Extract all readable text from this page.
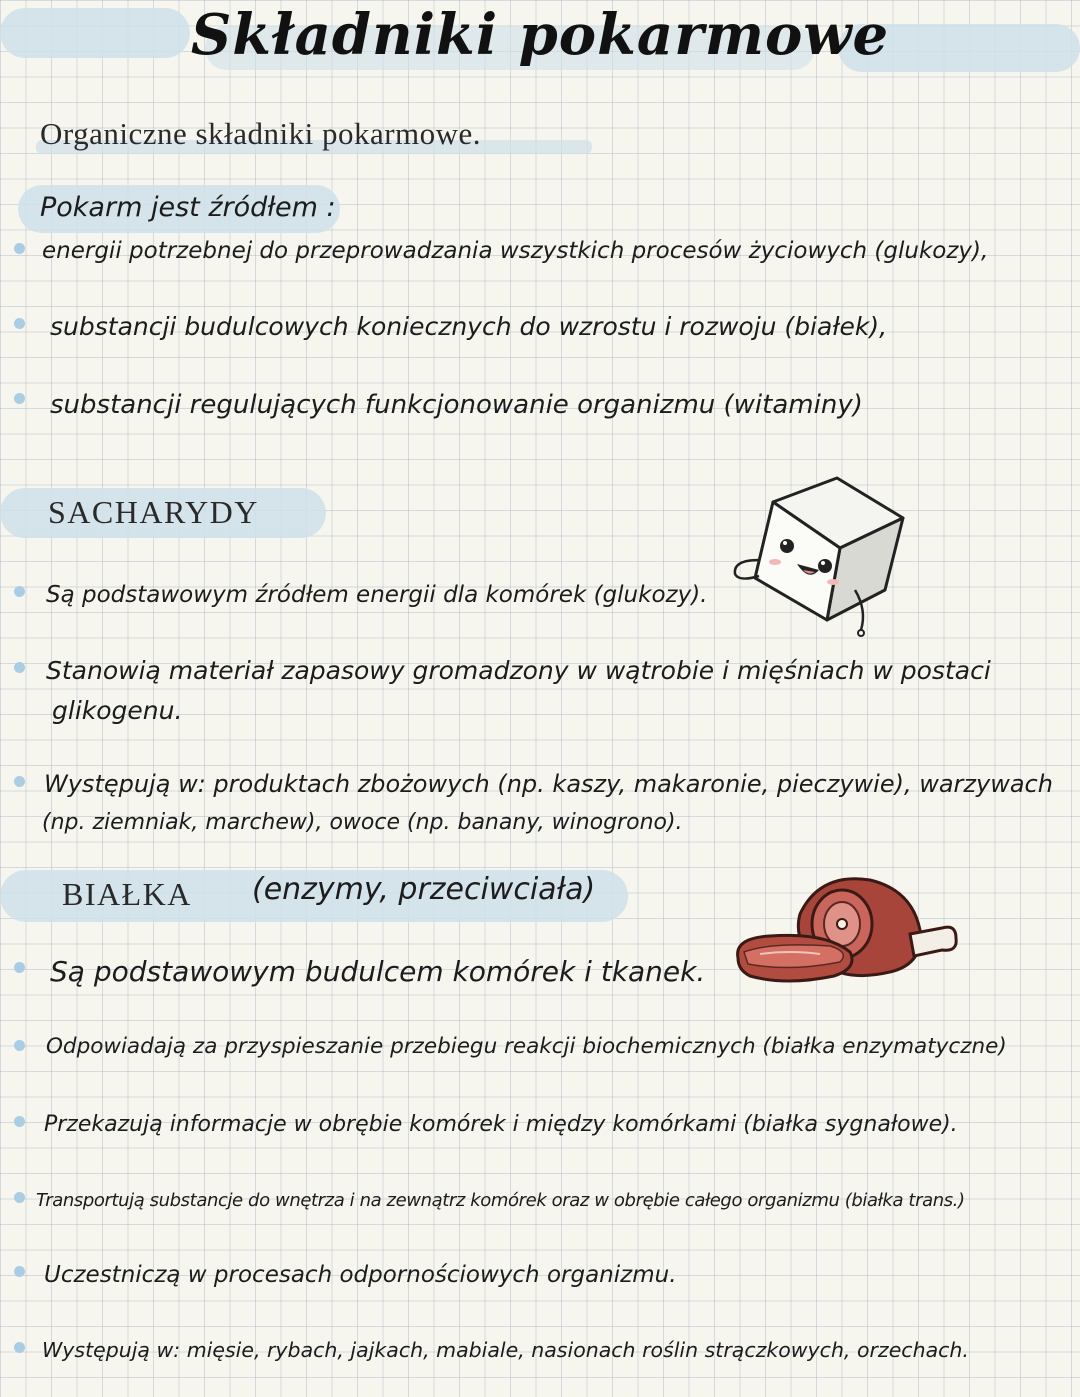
Składniki pokarmowe
Organiczne składniki pokarmowe.
Pokarm jest źródłem :
energii potrzebnej do przeprowadzania wszystkich procesów życiowych (glukozy),
substancji budulcowych koniecznych do wzrostu i rozwoju (białek),
substancji regulujących funkcjonowanie organizmu (witaminy)
SACHARYDY
Są podstawowym źródłem energii dla komórek (glukozy).
Stanowią materiał zapasowy gromadzony w wątrobie i mięśniach w postaci
glikogenu.
Występują w: produktach zbożowych (np. kaszy, makaronie, pieczywie), warzywach
(np. ziemniak, marchew), owoce (np. banany, winogrono).
BIAŁKA (enzymy, przeciwciała)
Są podstawowym budulcem komórek i tkanek.
Odpowiadają za przyspieszanie przebiegu reakcji biochemicznych (białka enzymatyczne)
Przekazują informacje w obrębie komórek i między komórkami (białka sygnałowe).
Transportują substancje do wnętrza i na zewnątrz komórek oraz w obrębie całego organizmu (białka trans.)
Uczestniczą w procesach odpornościowych organizmu.
Występują w: mięsie, rybach, jajkach, mabiale, nasionach roślin strączkowych, orzechach.
